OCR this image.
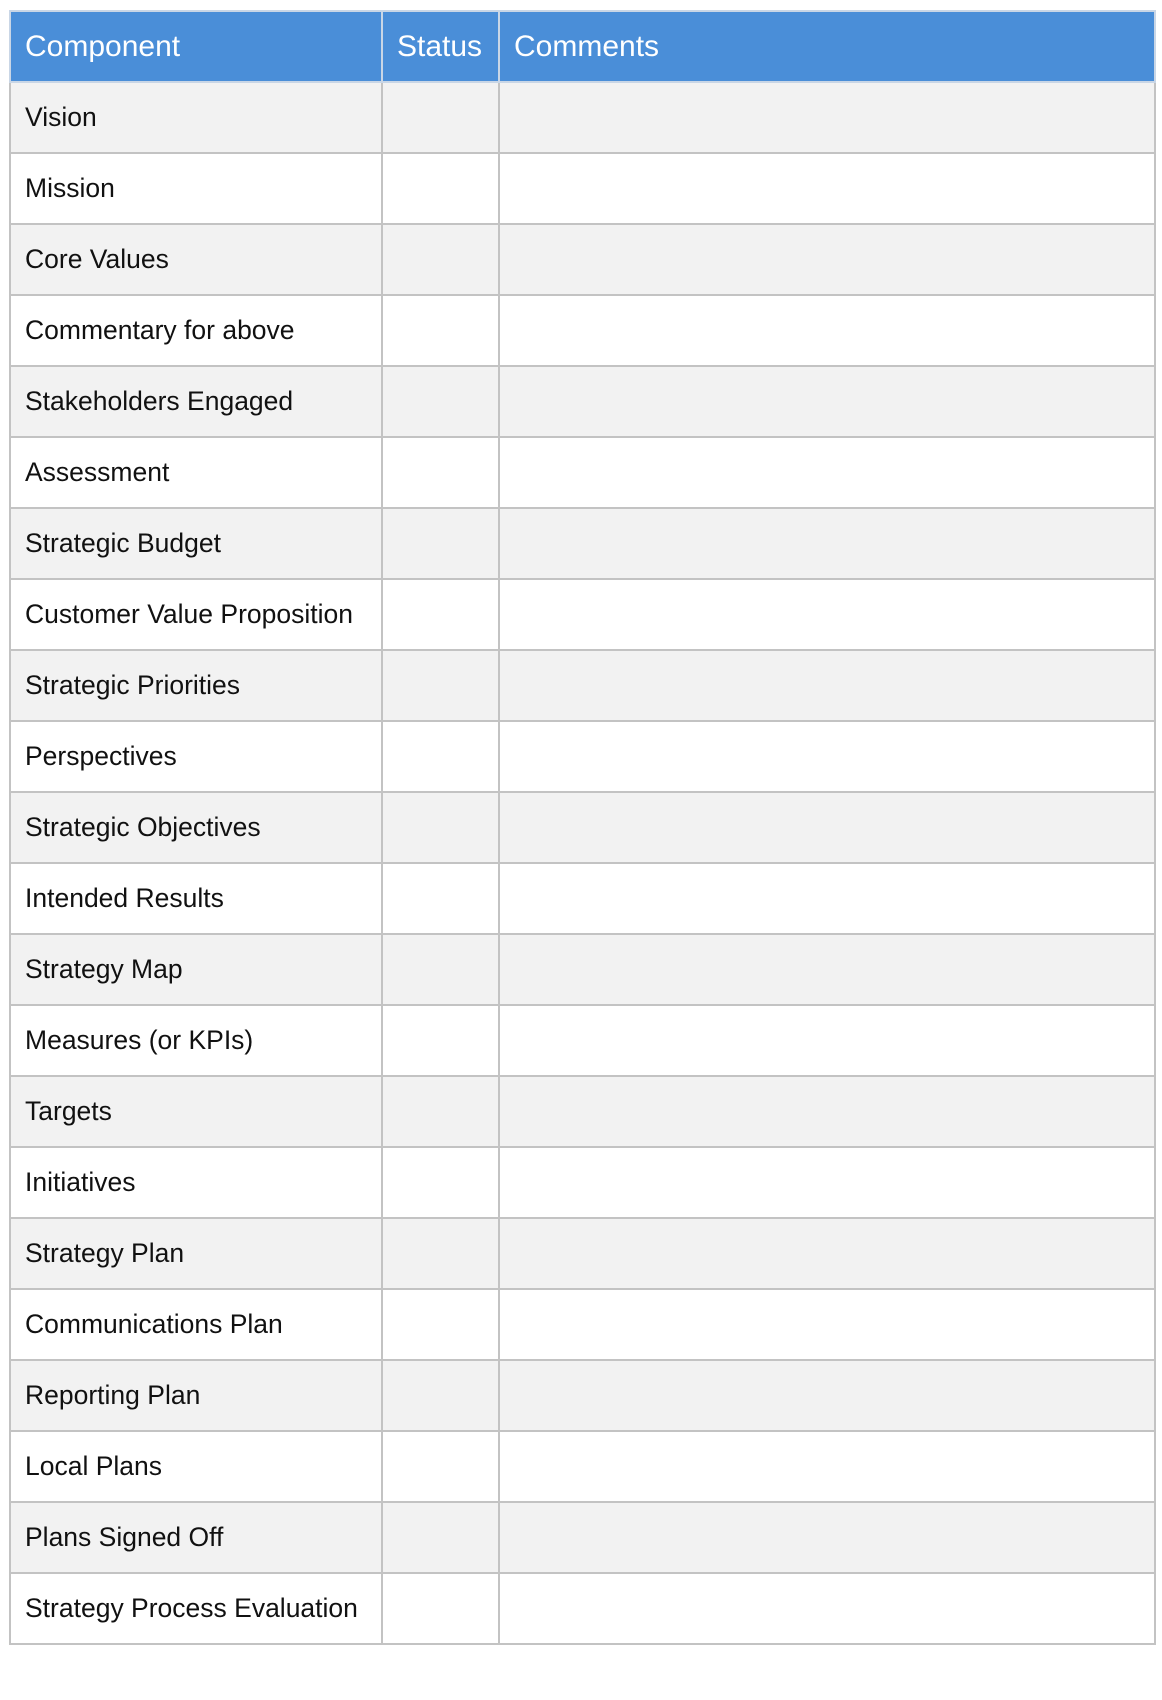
Component	Status	Comments
Vision		
Mission		
Core Values		
Commentary for above		
Stakeholders Engaged		
Assessment		
Strategic Budget		
Customer Value Proposition		
Strategic Priorities		
Perspectives		
Strategic Objectives		
Intended Results		
Strategy Map		
Measures (or KPIs)		
Targets		
Initiatives		
Strategy Plan		
Communications Plan		
Reporting Plan		
Local Plans		
Plans Signed Off		
Strategy Process Evaluation		
